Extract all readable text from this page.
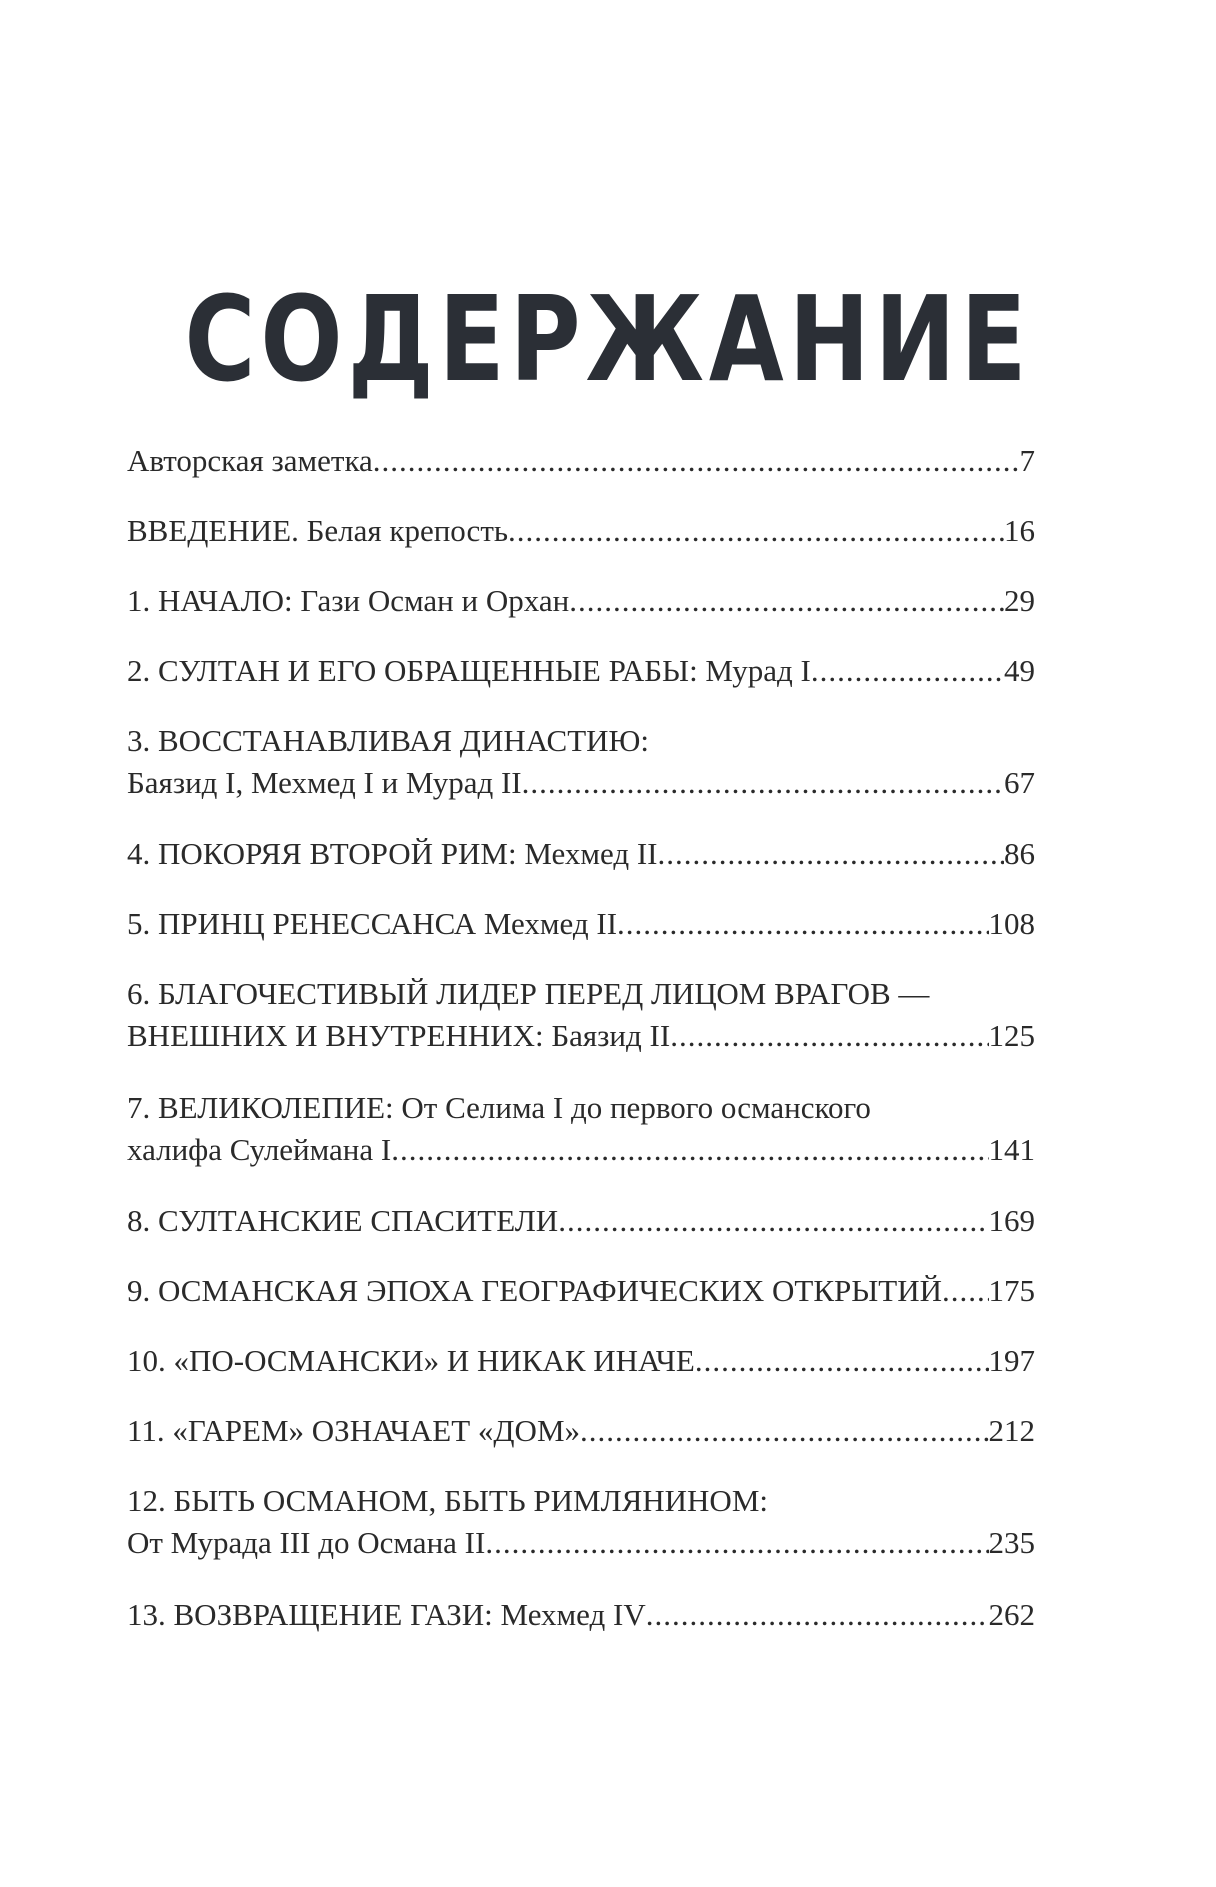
СОДЕРЖАНИЕ
Авторская заметка .....	7
ВВЕДЕНИЕ. Белая крепость .....	16
1. НАЧАЛО: Гази Осман и Орхан .....	29
2. СУЛТАН И ЕГО ОБРАЩЕННЫЕ РАБЫ: Мурад I .....	49
3. ВОССТАНАВЛИВАЯ ДИНАСТИЮ:
Баязид I, Мехмед I и Мурад II .....	67
4. ПОКОРЯЯ ВТОРОЙ РИМ: Мехмед II .....	86
5. ПРИНЦ РЕНЕССАНСА Мехмед II .....	108
6. БЛАГОЧЕСТИВЫЙ ЛИДЕР ПЕРЕД ЛИЦОМ ВРАГОВ —
ВНЕШНИХ И ВНУТРЕННИХ: Баязид II .....	125
7. ВЕЛИКОЛЕПИЕ: От Селима I до первого османского
халифа Сулеймана I .....	141
8. СУЛТАНСКИЕ СПАСИТЕЛИ .....	169
9. ОСМАНСКАЯ ЭПОХА ГЕОГРАФИЧЕСКИХ ОТКРЫТИЙ ..... 175
10. «ПО-ОСМАНСКИ» И НИКАК ИНАЧЕ .....	197
11. «ГАРЕМ» ОЗНАЧАЕТ «ДОМ» .....	212
12. БЫТЬ ОСМАНОМ, БЫТЬ РИМЛЯНИНОМ:
От Мурада III до Османа II .....	235
13. ВОЗВРАЩЕНИЕ ГАЗИ: Мехмед IV .....	262
